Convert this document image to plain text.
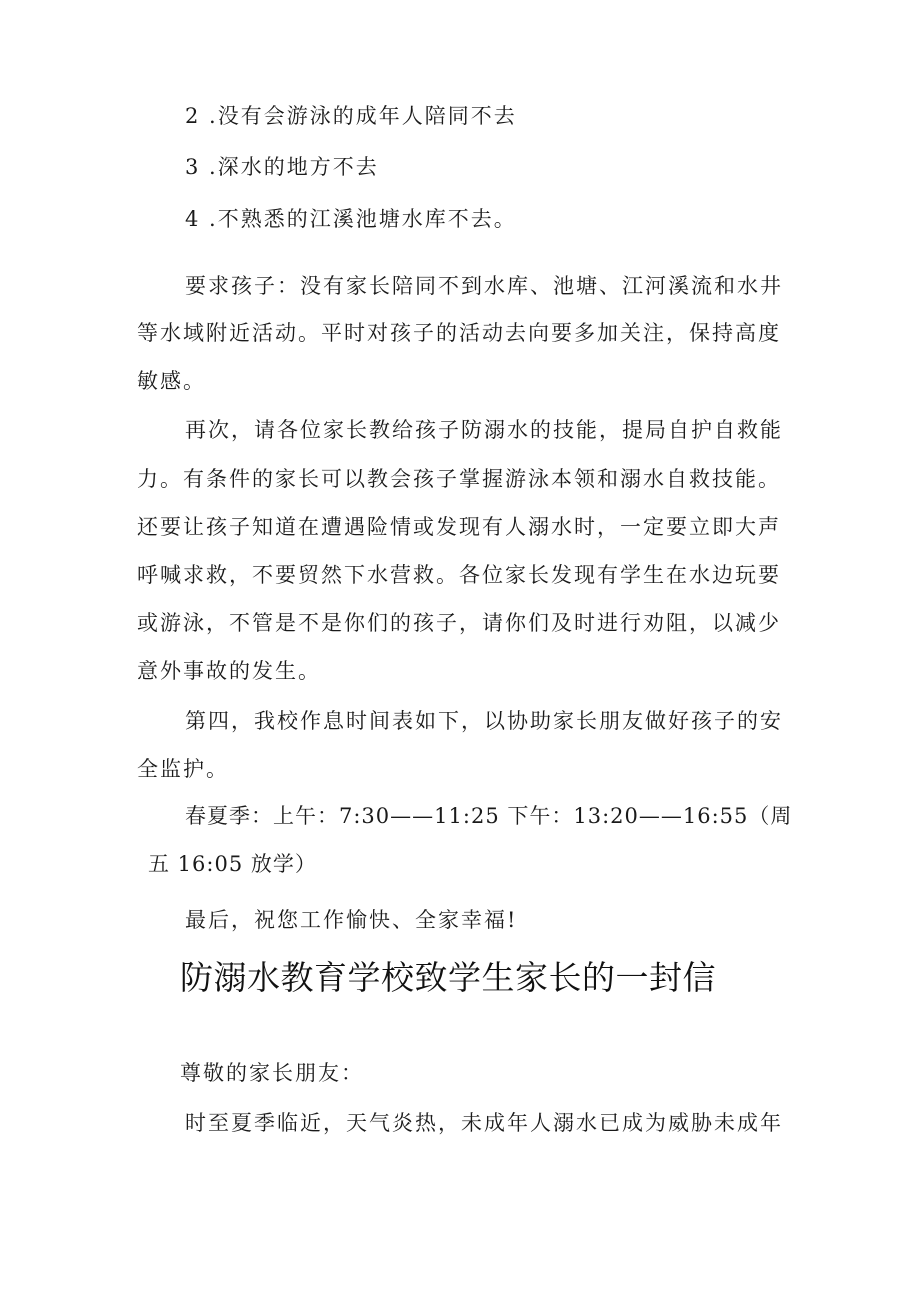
2 .没有会游泳的成年人陪同不去
3 .深水的地方不去
4 .不熟悉的江溪池塘水库不去。
要求孩子：没有家长陪同不到水库、池塘、江河溪流和水井
等水域附近活动。平时对孩子的活动去向要多加关注，保持高度
敏感。
再次，请各位家长教给孩子防溺水的技能，提局自护自救能
力。有条件的家长可以教会孩子掌握游泳本领和溺水自救技能。
还要让孩子知道在遭遇险情或发现有人溺水时，一定要立即大声
呼喊求救，不要贸然下水营救。各位家长发现有学生在水边玩要
或游泳，不管是不是你们的孩子，请你们及时进行劝阻，以减少
意外事故的发生。
第四，我校作息时间表如下，以协助家长朋友做好孩子的安
全监护。
春夏季：上午：7:30——11:25 下午：13:20——16:55（周
五 16:05 放学）
最后，祝您工作愉快、全家幸福!
防溺水教育学校致学生家长的一封信
尊敬的家长朋友：
时至夏季临近，天气炎热，未成年人溺水已成为威胁未成年
